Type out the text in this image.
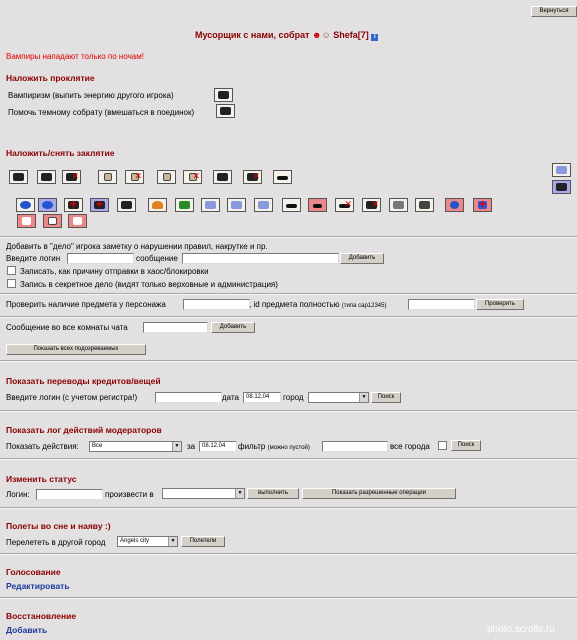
Вернуться
Мусорщик с нами, собрат ☻☺ Shefa[7] i
Вампиры нападают только по ночам!
Наложить проклятие
Вампиризм (выпить энергию другого игрока)
Помочь темному собрату (вмешаться в поединок)
Наложить/снять заклятие
✕
✕
✕
✕
+
+
✕
✕
+
Добавить в "дело" игрока заметку о нарушении правил, накрутке и пр.
Введите логин	сообщение	Добавить
Записать, как причину отправки в хаос/блокировки
Запись в секретное дело (видят только верховные и администрация)
Проверить наличие предмета у персонажа	, id предмета полностью (типа cap12345)	Проверить
Сообщение во все комнаты чата	Добавить
Показать всех подозреваемых
Показать переводы кредитов/вещей
Введите логин (с учетом регистра!)	дата	08.12.04	город	▼	Поиск
Показать лог действий модераторов
Показать действия:	Все	▼ за	08.12.04	фильтр (можно пустой)	все города	Поиск
Изменить статус
Логин:	произвести в	▼	выполнить	Показать разрешенные операции
Полеты во сне и наяву :)
Перелететь в другой город	Angels city	▼	Полетели
Голосование
Редактировать
Восстановление
Добавить	photo.scrolls.ru
